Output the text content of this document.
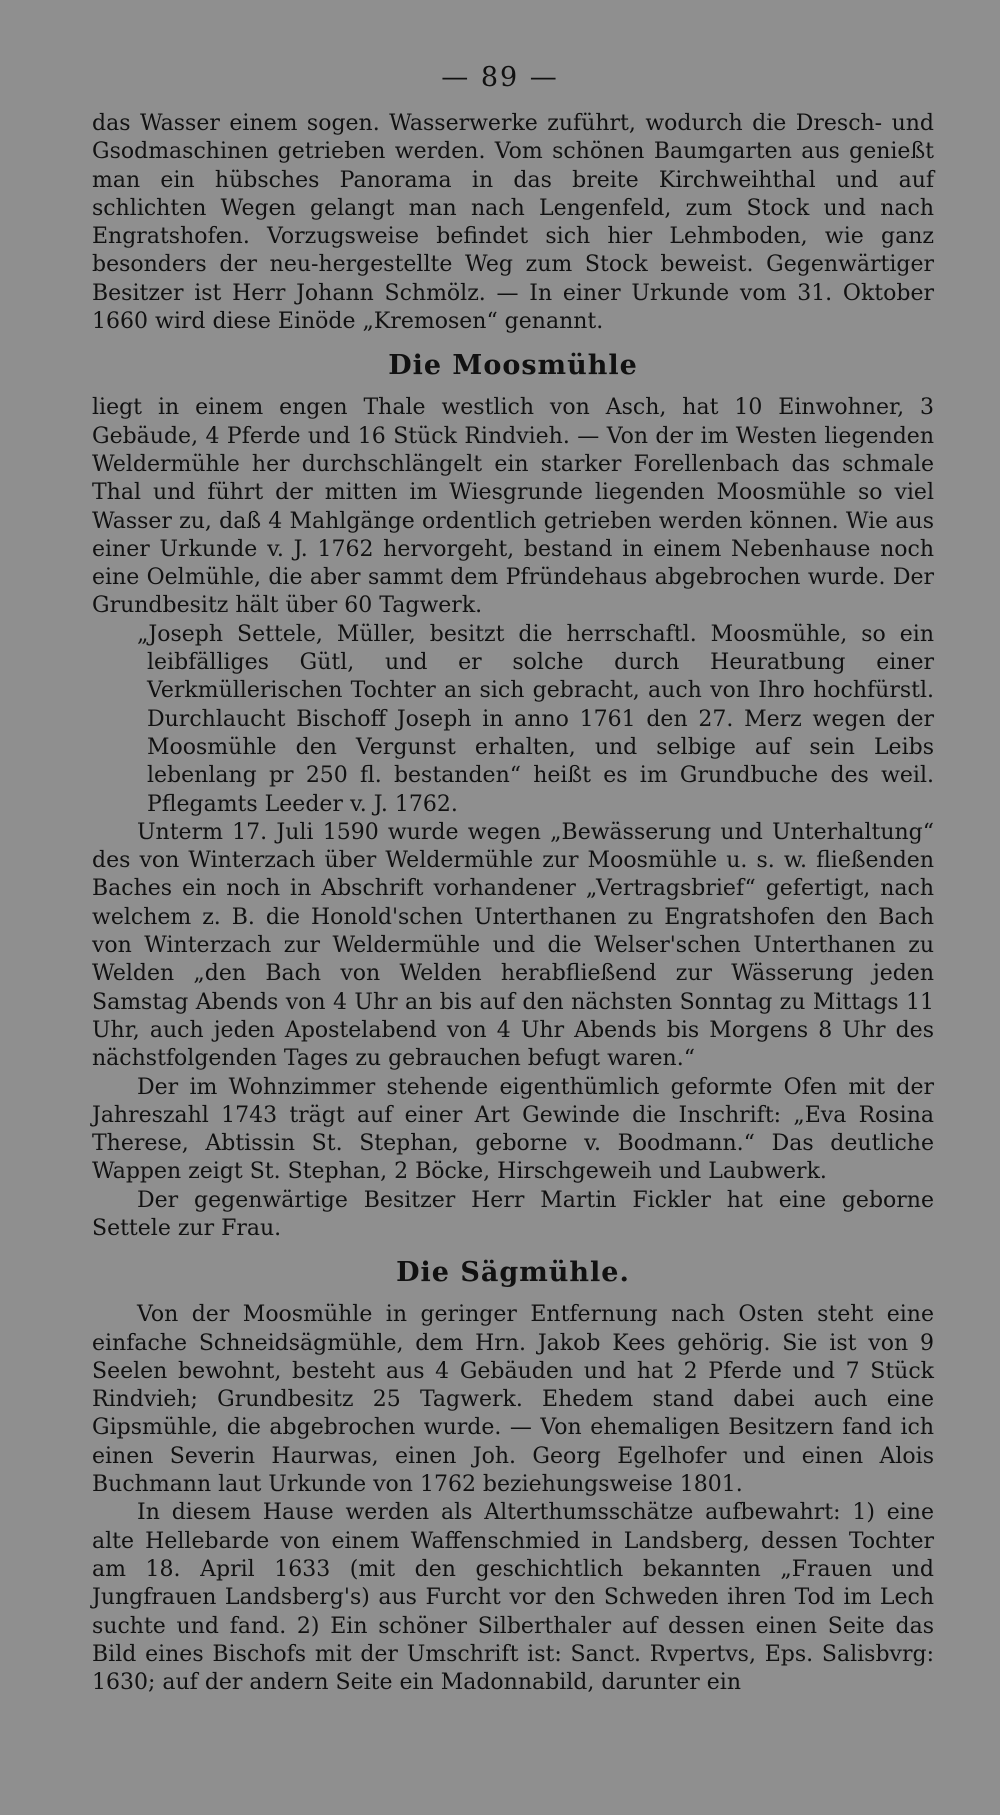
— 89 —

das Wasser einem sogen. Wasserwerke zuführt, wodurch die Dresch- und Gsodmaschinen getrieben werden. Vom schönen Baumgarten aus genießt man ein hübsches Panorama in das breite Kirchweihthal und auf schlichten Wegen gelangt man nach Lengenfeld, zum Stock und nach Engratshofen. Vorzugsweise befindet sich hier Lehmboden, wie ganz besonders der neu-hergestellte Weg zum Stock beweist. Gegenwärtiger Besitzer ist Herr Johann Schmölz. — In einer Urkunde vom 31. Oktober 1660 wird diese Einöde „Kremosen“ genannt.

Die Moosmühle

liegt in einem engen Thale westlich von Asch, hat 10 Einwohner, 3 Gebäude, 4 Pferde und 16 Stück Rindvieh. — Von der im Westen liegenden Weldermühle her durchschlängelt ein starker Forellenbach das schmale Thal und führt der mitten im Wiesgrunde liegenden Moosmühle so viel Wasser zu, daß 4 Mahlgänge ordentlich getrieben werden können. Wie aus einer Urkunde v. J. 1762 hervorgeht, bestand in einem Nebenhause noch eine Oelmühle, die aber sammt dem Pfründehaus abgebrochen wurde. Der Grundbesitz hält über 60 Tagwerk.

„Joseph Settele, Müller, besitzt die herrschaftl. Moosmühle, so ein leibfälliges Gütl, und er solche durch Heuratbung einer Verkmüllerischen Tochter an sich gebracht, auch von Ihro hochfürstl. Durchlaucht Bischoff Joseph in anno 1761 den 27. Merz wegen der Moosmühle den Vergunst erhalten, und selbige auf sein Leibs lebenlang pr 250 fl. bestanden“ heißt es im Grundbuche des weil. Pflegamts Leeder v. J. 1762.

Unterm 17. Juli 1590 wurde wegen „Bewässerung und Unterhaltung“ des von Winterzach über Weldermühle zur Moosmühle u. s. w. fließenden Baches ein noch in Abschrift vorhandener „Vertragsbrief“ gefertigt, nach welchem z. B. die Honold'schen Unterthanen zu Engratshofen den Bach von Winterzach zur Weldermühle und die Welser'schen Unterthanen zu Welden „den Bach von Welden herabfließend zur Wässerung jeden Samstag Abends von 4 Uhr an bis auf den nächsten Sonntag zu Mittags 11 Uhr, auch jeden Apostelabend von 4 Uhr Abends bis Morgens 8 Uhr des nächstfolgenden Tages zu gebrauchen befugt waren.“

Der im Wohnzimmer stehende eigenthümlich geformte Ofen mit der Jahreszahl 1743 trägt auf einer Art Gewinde die Inschrift: „Eva Rosina Therese, Abtissin St. Stephan, geborne v. Boodmann.“ Das deutliche Wappen zeigt St. Stephan, 2 Böcke, Hirschgeweih und Laubwerk.

Der gegenwärtige Besitzer Herr Martin Fickler hat eine geborne Settele zur Frau.

Die Sägmühle.

Von der Moosmühle in geringer Entfernung nach Osten steht eine einfache Schneidsägmühle, dem Hrn. Jakob Kees gehörig. Sie ist von 9 Seelen bewohnt, besteht aus 4 Gebäuden und hat 2 Pferde und 7 Stück Rindvieh; Grundbesitz 25 Tagwerk. Ehedem stand dabei auch eine Gipsmühle, die abgebrochen wurde. — Von ehemaligen Besitzern fand ich einen Severin Haurwas, einen Joh. Georg Egelhofer und einen Alois Buchmann laut Urkunde von 1762 beziehungsweise 1801.

In diesem Hause werden als Alterthumsschätze aufbewahrt: 1) eine alte Hellebarde von einem Waffenschmied in Landsberg, dessen Tochter am 18. April 1633 (mit den geschichtlich bekannten „Frauen und Jungfrauen Landsberg's) aus Furcht vor den Schweden ihren Tod im Lech suchte und fand. 2) Ein schöner Silberthaler auf dessen einen Seite das Bild eines Bischofs mit der Umschrift ist: Sanct. Rvpertvs, Eps. Salisbvrg: 1630; auf der andern Seite ein Madonnabild, darunter ein
